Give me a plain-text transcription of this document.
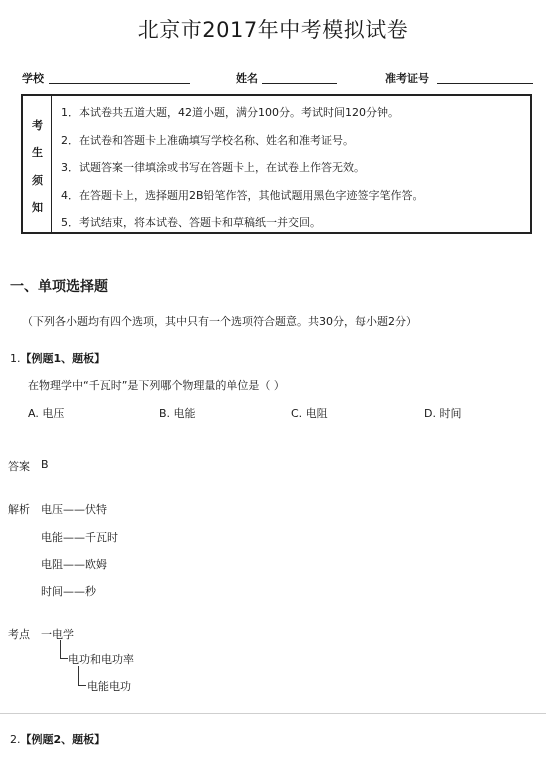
北京市2017年中考模拟试卷
学校	姓名	准考证号
考
生
须
知
1．本试卷共五道大题，42道小题，满分100分。考试时间120分钟。
2．在试卷和答题卡上准确填写学校名称、姓名和准考证号。
3．试题答案一律填涂或书写在答题卡上，在试卷上作答无效。
4．在答题卡上，选择题用2B铅笔作答，其他试题用黑色字迹签字笔作答。
5．考试结束，将本试卷、答题卡和草稿纸一并交回。
一、单项选择题
（下列各小题均有四个选项，其中只有一个选项符合题意。共30分，每小题2分）
1.【例题1、题板】
在物理学中“千瓦时”是下列哪个物理量的单位是（ ）
A. 电压	B. 电能	C. 电阻	D. 时间
答案 B
解析 电压——伏特
电能——千瓦时
电阻——欧姆
时间——秒
考点 一电学
电功和电功率
电能电功
2.【例题2、题板】
